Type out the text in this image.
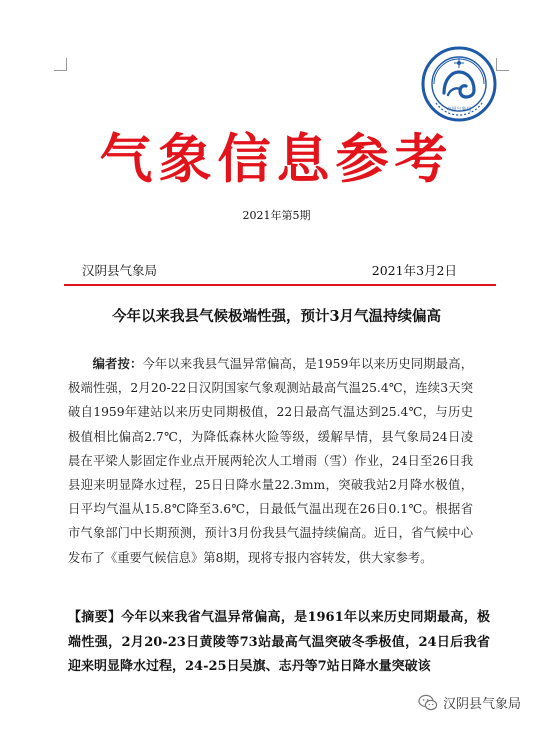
中国气象局
气象信息参考
2021年第5期
汉阴县气象局	2021年3月2日
今年以来我县气候极端性强，预计3月气温持续偏高
编者按：今年以来我县气温异常偏高，是1959年以来历史同期最高，极端性强，2月20-22日汉阴国家气象观测站最高气温25.4℃，连续3天突破自1959年建站以来历史同期极值，22日最高气温达到25.4℃，与历史极值相比偏高2.7℃，为降低森林火险等级，缓解旱情，县气象局24日凌晨在平梁人影固定作业点开展两轮次人工增雨（雪）作业，24日至26日我县迎来明显降水过程，25日日降水量22.3mm，突破我站2月降水极值，日平均气温从15.8℃降至3.6℃，日最低气温出现在26日0.1℃。根据省市气象部门中长期预测，预计3月份我县气温持续偏高。近日，省气候中心发布了《重要气候信息》第8期，现将专报内容转发，供大家参考。
【摘要】今年以来我省气温异常偏高，是1961年以来历史同期最高，极端性强，2月20-23日黄陵等73站最高气温突破冬季极值，24日后我省迎来明显降水过程，24-25日吴旗、志丹等7站日降水量突破该
汉阴县气象局
